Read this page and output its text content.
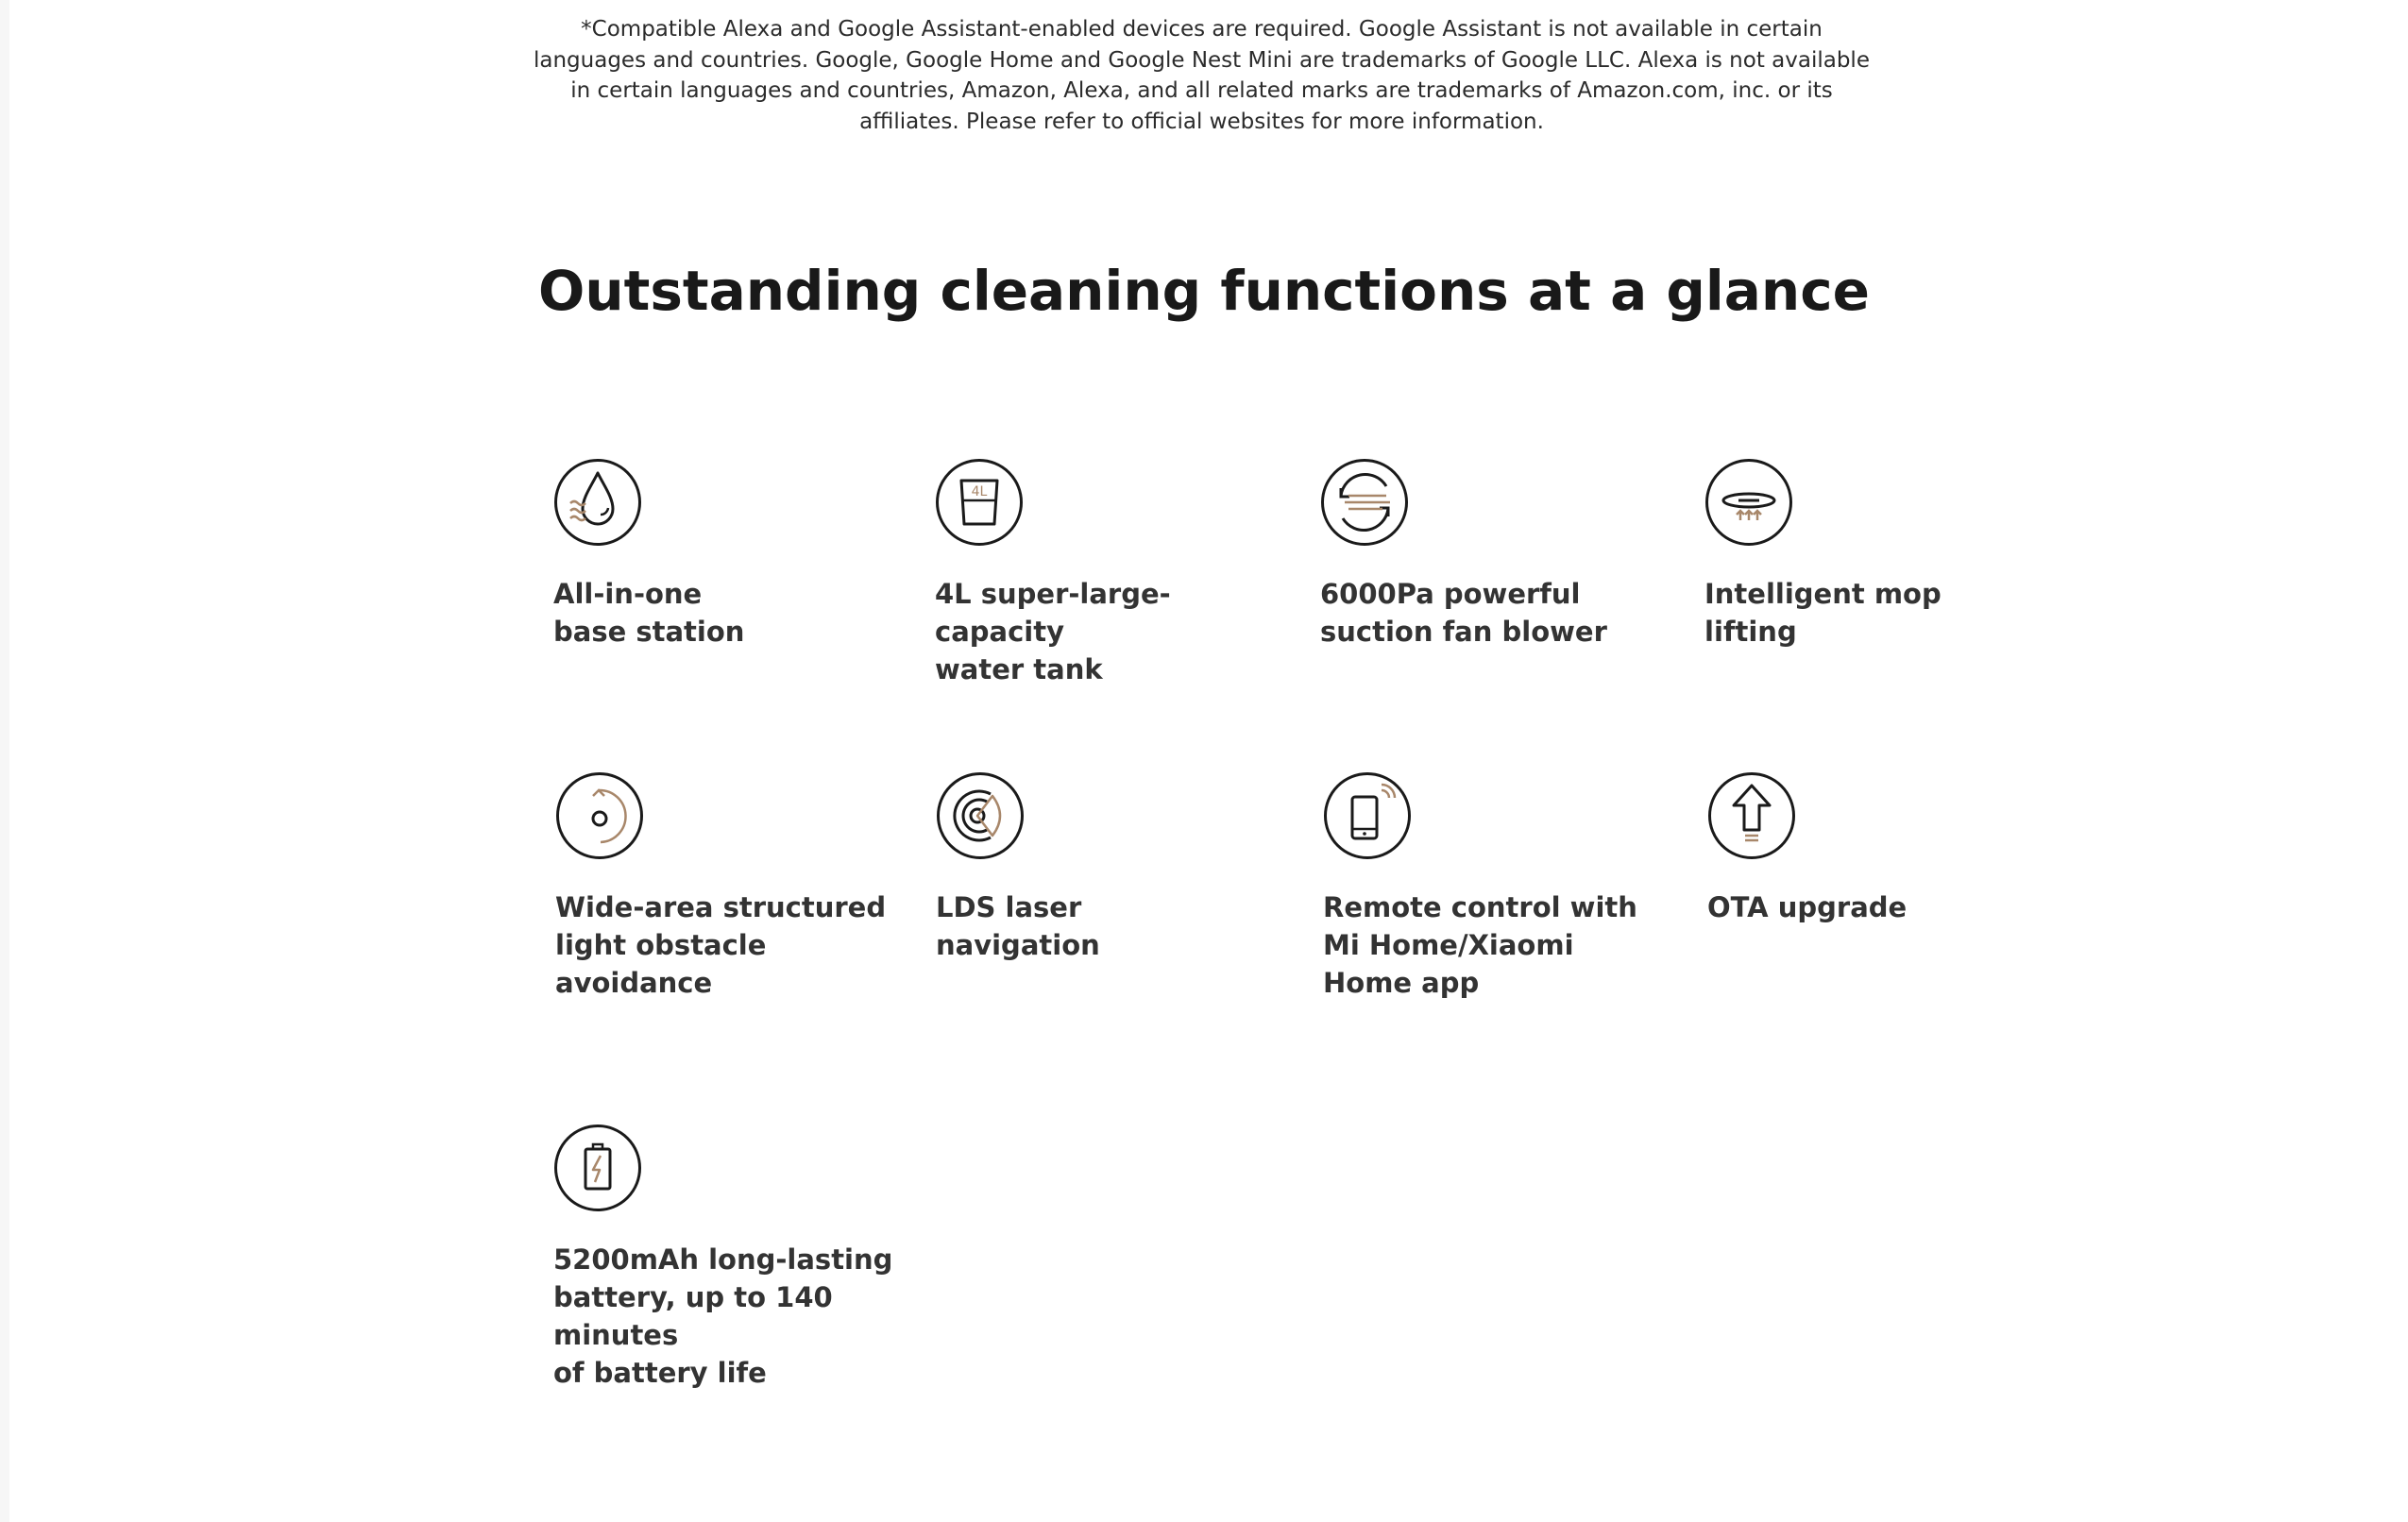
*Compatible Alexa and Google Assistant-enabled devices are required. Google Assistant is not available in certain languages and countries. Google, Google Home and Google Nest Mini are trademarks of Google LLC. Alexa is not available in certain languages and countries, Amazon, Alexa, and all related marks are trademarks of Amazon.com, inc. or its affiliates. Please refer to official websites for more information.

Outstanding cleaning functions at a glance
All-in-one
base station
4L
4L super-large-capacity
water tank
6000Pa powerful
suction fan blower
Intelligent mop
lifting
Wide-area structured
light obstacle
avoidance
LDS laser
navigation
Remote control with
Mi Home/Xiaomi
Home app
OTA upgrade
5200mAh long-lasting
battery, up to 140 minutes
of battery life
